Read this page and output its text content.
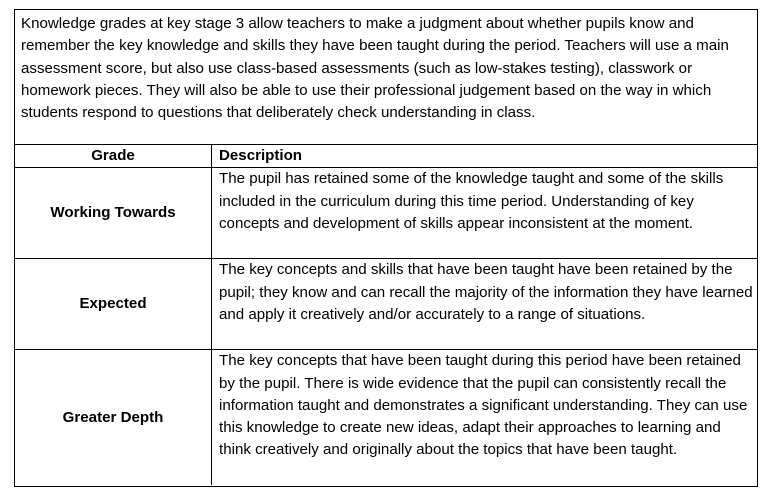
Knowledge grades at key stage 3 allow teachers to make a judgment about whether pupils know and remember the key knowledge and skills they have been taught during the period. Teachers will use a main assessment score, but also use class-based assessments (such as low-stakes testing), classwork or homework pieces. They will also be able to use their professional judgement based on the way in which students respond to questions that deliberately check understanding in class.
Grade	Description
Working Towards	The pupil has retained some of the knowledge taught and some of the skills included in the curriculum during this time period. Understanding of key concepts and development of skills appear inconsistent at the moment.
Expected	The key concepts and skills that have been taught have been retained by the pupil; they know and can recall the majority of the information they have learned and apply it creatively and/or accurately to a range of situations.
Greater Depth	The key concepts that have been taught during this period have been retained by the pupil. There is wide evidence that the pupil can consistently recall the information taught and demonstrates a significant understanding. They can use this knowledge to create new ideas, adapt their approaches to learning and think creatively and originally about the topics that have been taught.
